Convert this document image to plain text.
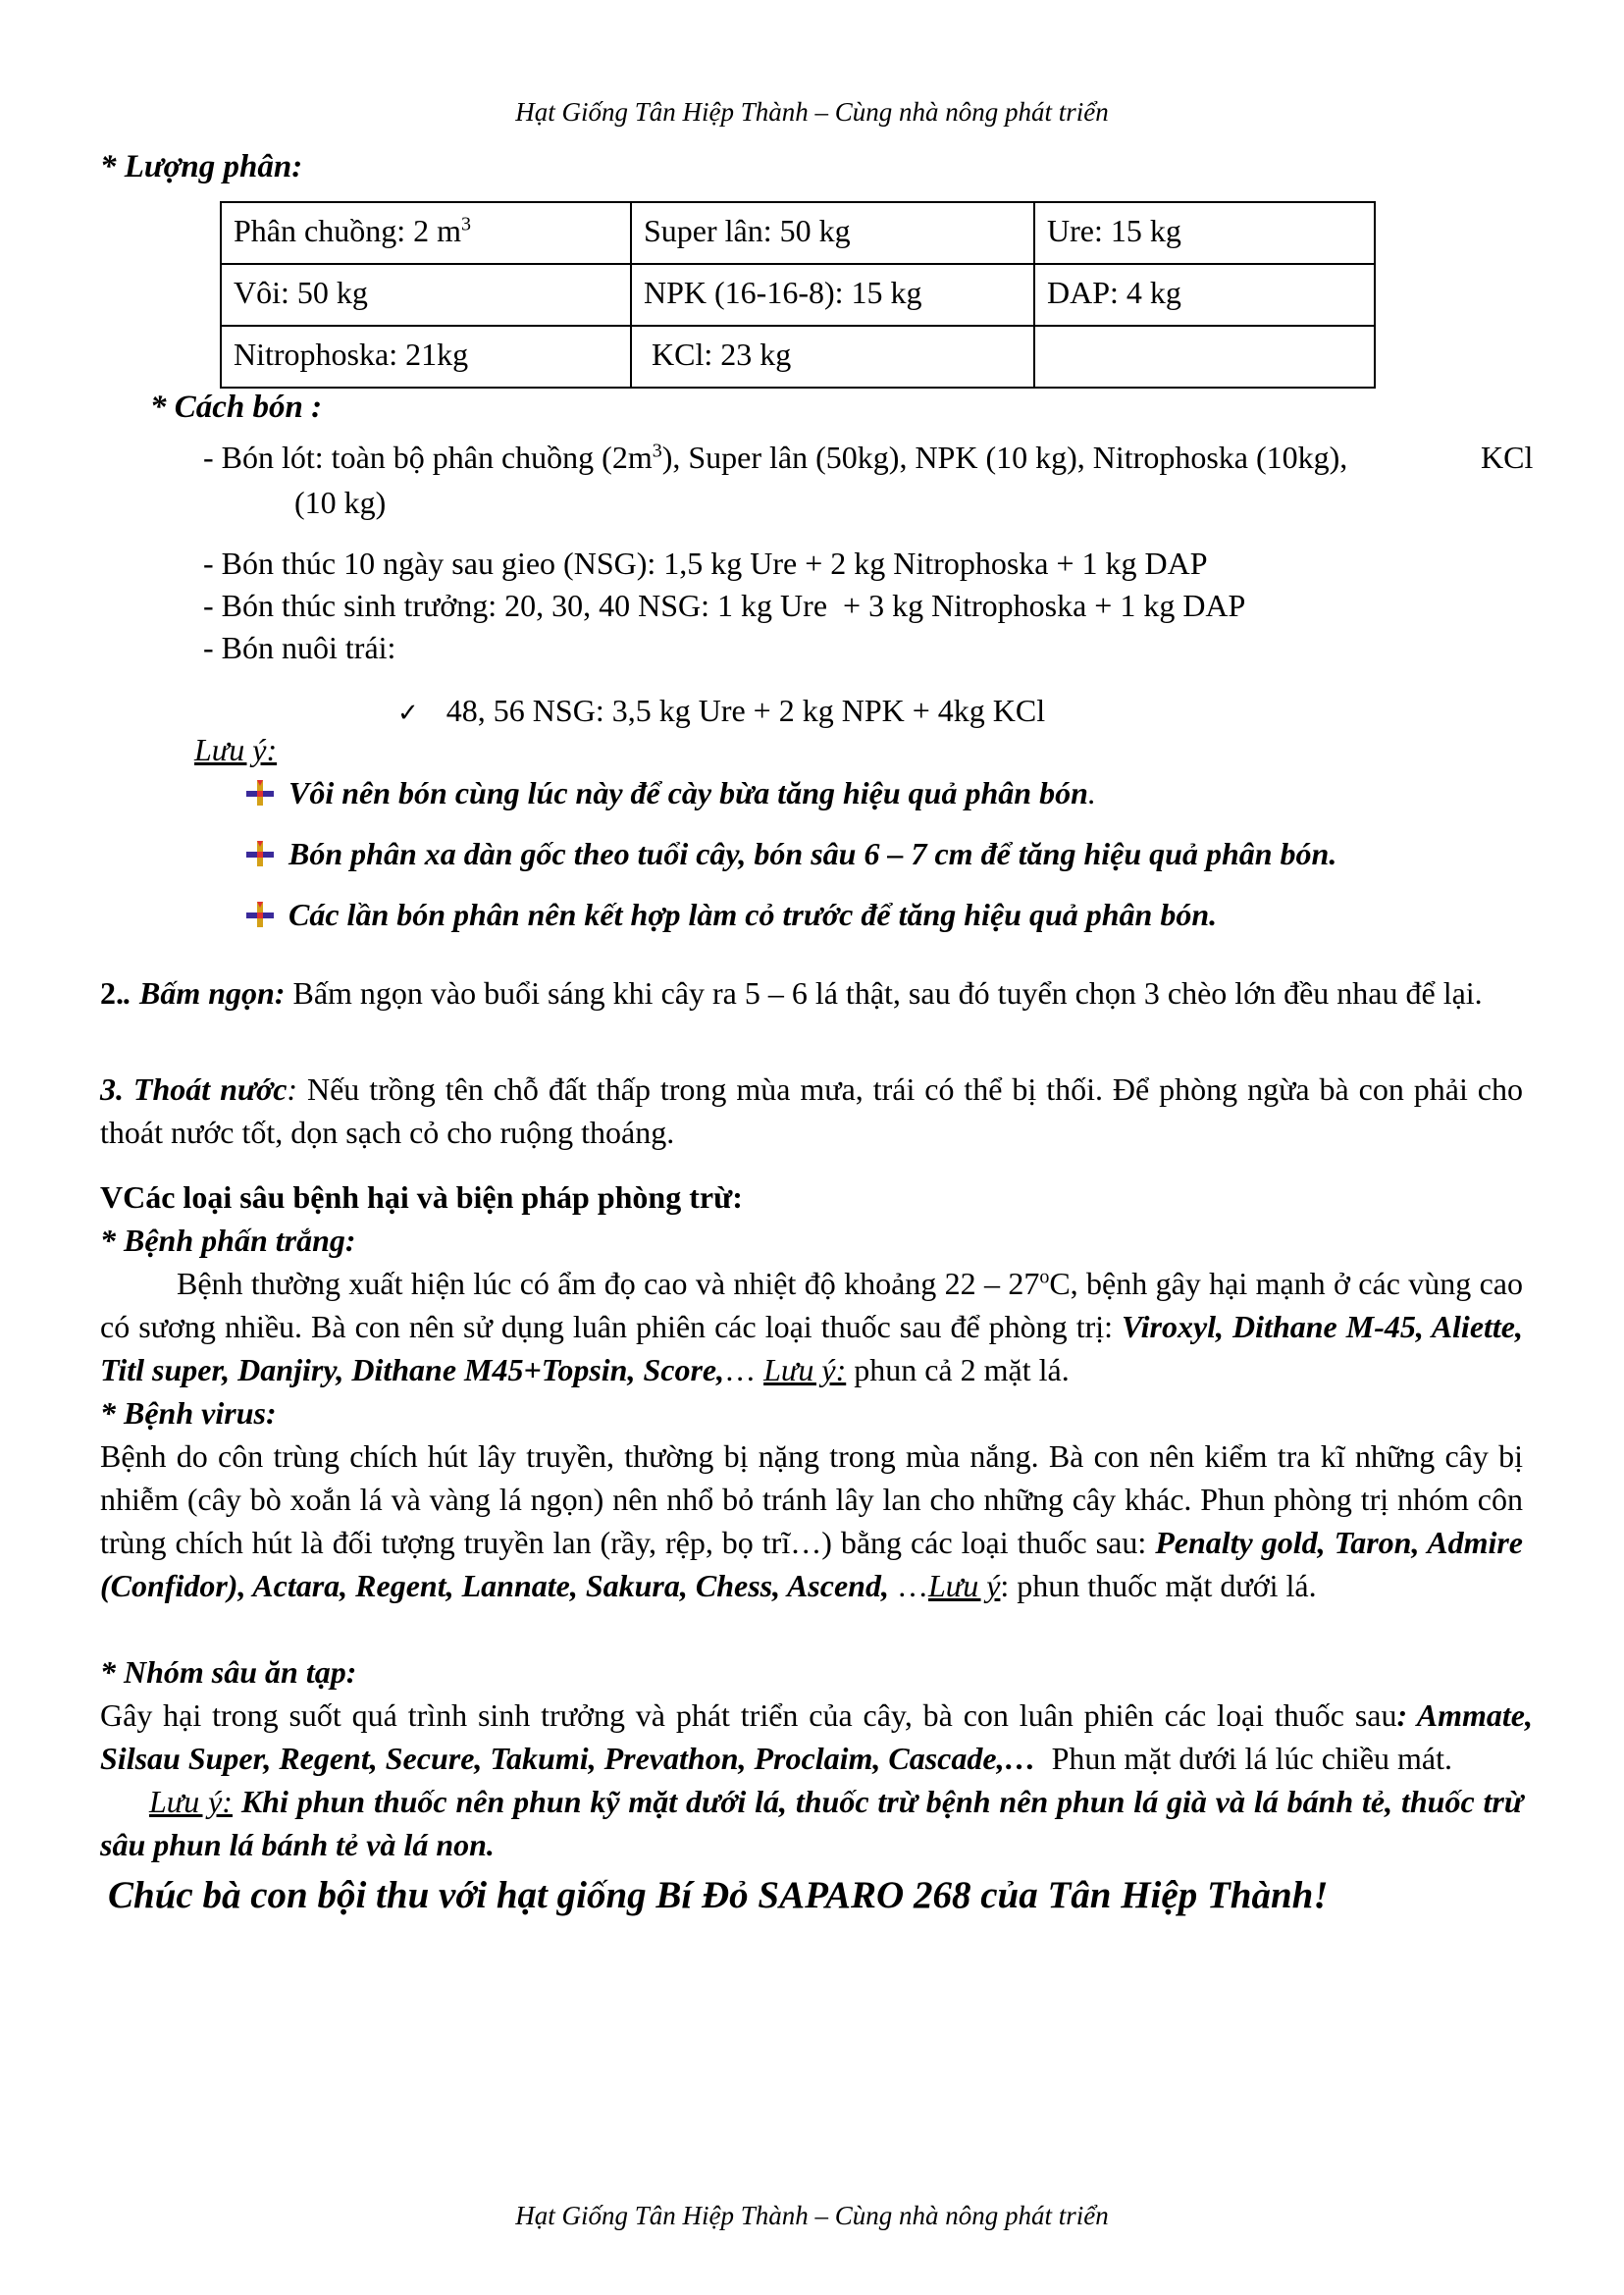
Hạt Giống Tân Hiệp Thành – Cùng nhà nông phát triển
* Lượng phân:
Phân chuồng: 2 $m^3$	Super lân: 50 kg	Ure: 15 kg
Vôi: 50 kg	NPK (16-16-8): 15 kg	DAP: 4 kg
Nitrophoska: 21kg	KCl: 23 kg	
* Cách bón :
- Bón lót: toàn bộ phân chuồng $(2m^3)$, Super lân (50kg), NPK (10 kg), Nitrophoska (10kg),	KCl
(10 kg)
- Bón thúc 10 ngày sau gieo (NSG): 1,5 kg Ure + 2 kg Nitrophoska + 1 kg DAP
- Bón thúc sinh trưởng: 20, 30, 40 NSG: 1 kg Ure  + 3 kg Nitrophoska + 1 kg DAP
- Bón nuôi trái:
✓ 48, 56 NSG: 3,5 kg Ure + 2 kg NPK + 4kg KCl
Lưu ý:
Vôi nên bón cùng lúc này để cày bừa tăng hiệu quả phân bón.
Bón phân xa dàn gốc theo tuổi cây, bón sâu 6 – 7 cm để tăng hiệu quả phân bón.
Các lần bón phân nên kết hợp làm cỏ trước để tăng hiệu quả phân bón.
2.. Bấm ngọn: Bấm ngọn vào buổi sáng khi cây ra 5 – 6 lá thật, sau đó tuyển chọn 3 chèo lớn đều nhau để lại.
3. Thoát nước: Nếu trồng tên chỗ đất thấp trong mùa mưa, trái có thể bị thối. Để phòng ngừa bà con phải cho thoát nước tốt, dọn sạch cỏ cho ruộng thoáng.
VCác loại sâu bệnh hại và biện pháp phòng trừ:
* Bệnh phấn trắng:
Bệnh thường xuất hiện lúc có ẩm đọ cao và nhiệt độ khoảng 22 – 27$^o$C, bệnh gây hại mạnh ở các vùng cao có sương nhiều. Bà con nên sử dụng luân phiên các loại thuốc sau để phòng trị: Viroxyl, Dithane M-45, Aliette, Titl super, Danjiry, Dithane M45+Topsin, Score,… Lưu ý: phun cả 2 mặt lá.
* Bệnh virus:
Bệnh do côn trùng chích hút lây truyền, thường bị nặng trong mùa nắng. Bà con nên kiểm tra kĩ những cây bị nhiễm (cây bò xoắn lá và vàng lá ngọn) nên nhổ bỏ tránh lây lan cho những cây khác. Phun phòng trị nhóm côn trùng chích hút là đối tượng truyền lan (rầy, rệp, bọ trĩ…) bằng các loại thuốc sau: Penalty gold, Taron, Admire (Confidor), Actara, Regent, Lannate, Sakura, Chess, Ascend, …Lưu ý: phun thuốc mặt dưới lá.
* Nhóm sâu ăn tạp:
Gây hại trong suốt quá trình sinh trưởng và phát triển của cây, bà con luân phiên các loại thuốc sau: Ammate, Silsau Super, Regent, Secure, Takumi, Prevathon, Proclaim, Cascade,…  Phun mặt dưới lá lúc chiều mát.
Lưu ý: Khi phun thuốc nên phun kỹ mặt dưới lá, thuốc trừ bệnh nên phun lá già và lá bánh tẻ, thuốc trừ sâu phun lá bánh tẻ và lá non.
Chúc bà con bội thu với hạt giống Bí Đỏ SAPARO 268 của Tân Hiệp Thành!
Hạt Giống Tân Hiệp Thành – Cùng nhà nông phát triển
